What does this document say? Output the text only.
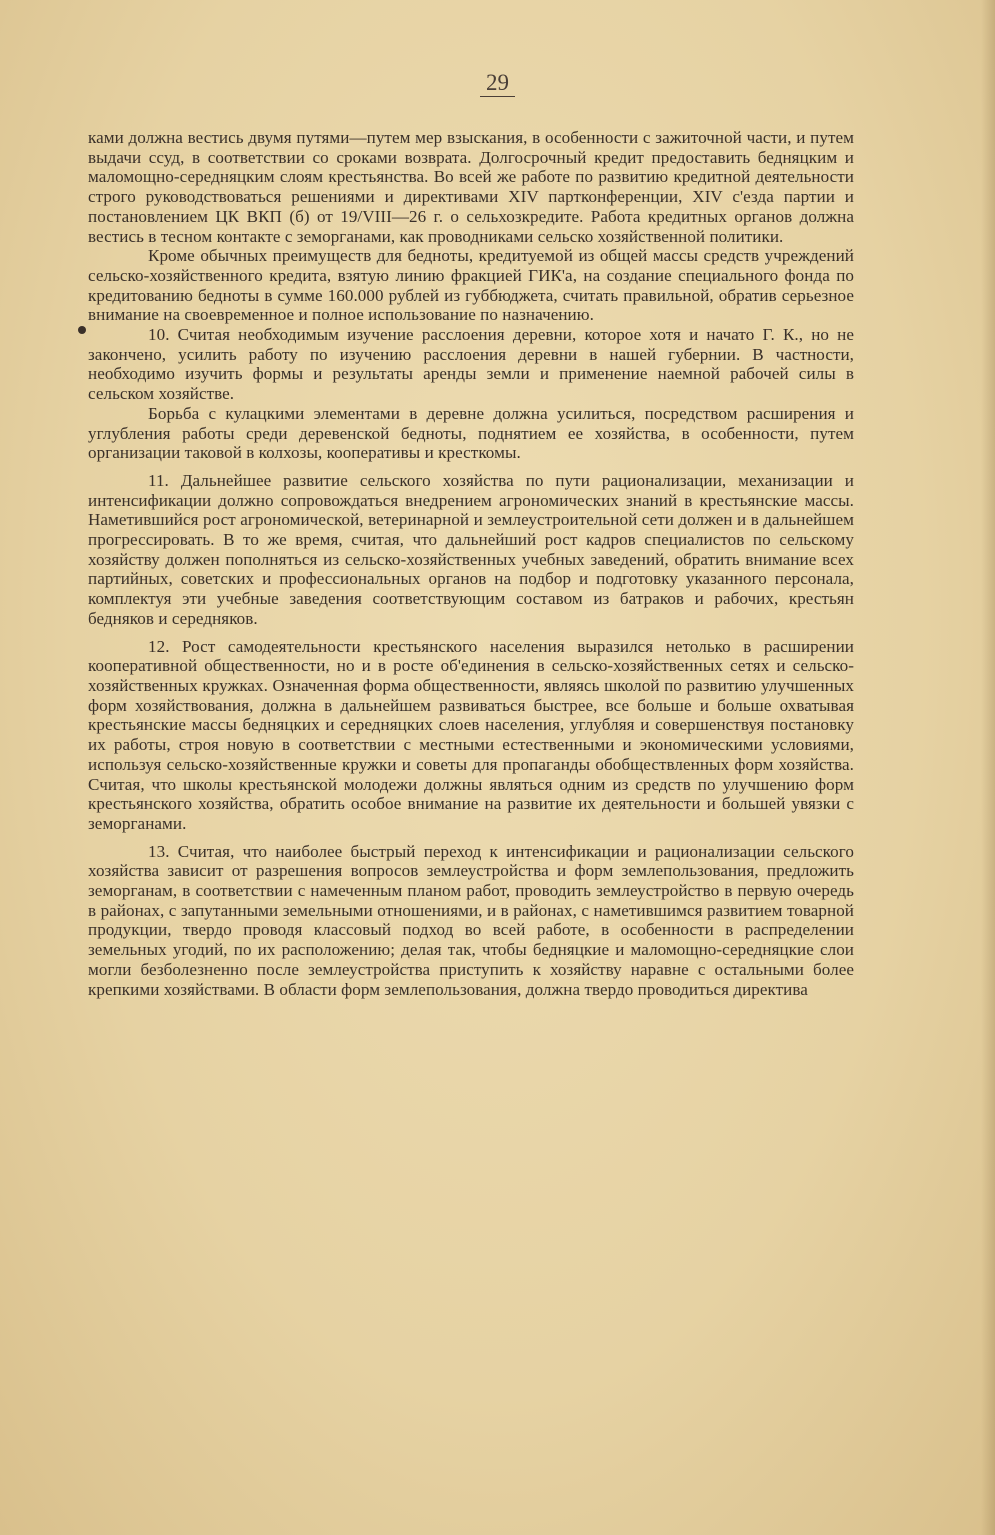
29

ками должна вестись двумя путями—путем мер взыскания, в особенности с зажиточной части, и путем выдачи ссуд, в соответствии со сроками возврата. Долгосрочный кредит предоставить бедняцким и маломощно-середняцким слоям крестьянства. Во всей же работе по развитию кредитной деятельности строго руководствоваться решениями и директивами XIV партконференции, XIV с'езда партии и постановлением ЦК ВКП (б) от 19/VIII—26 г. о сельхозкредите. Работа кредитных органов должна вестись в тесном контакте с земорганами, как проводниками сельско хозяйственной политики.

Кроме обычных преимуществ для бедноты, кредитуемой из общей массы средств учреждений сельско-хозяйственного кредита, взятую линию фракцией ГИК'а, на создание специального фонда по кредитованию бедноты в сумме 160.000 рублей из губбюджета, считать правильной, обратив серьезное внимание на своевременное и полное использование по назначению.

10. Считая необходимым изучение расслоения деревни, которое хотя и начато Г. К., но не закончено, усилить работу по изучению расслоения деревни в нашей губернии. В частности, необходимо изучить формы и результаты аренды земли и применение наемной рабочей силы в сельском хозяйстве.

Борьба с кулацкими элементами в деревне должна усилиться, посредством расширения и углубления работы среди деревенской бедноты, поднятием ее хозяйства, в особенности, путем организации таковой в колхозы, кооперативы и кресткомы.

11. Дальнейшее развитие сельского хозяйства по пути рационализации, механизации и интенсификации должно сопровождаться внедрением агрономических знаний в крестьянские массы. Наметившийся рост агрономической, ветеринарной и землеустроительной сети должен и в дальнейшем прогрессировать. В то же время, считая, что дальнейший рост кадров специалистов по сельскому хозяйству должен пополняться из сельско-хозяйственных учебных заведений, обратить внимание всех партийных, советских и профессиональных органов на подбор и подготовку указанного персонала, комплектуя эти учебные заведения соответствующим составом из батраков и рабочих, крестьян бедняков и середняков.

12. Рост самодеятельности крестьянского населения выразился нетолько в расширении кооперативной общественности, но и в росте об'единения в сельско-хозяйственных сетях и сельско-хозяйственных кружках. Означенная форма общественности, являясь школой по развитию улучшенных форм хозяйствования, должна в дальнейшем развиваться быстрее, все больше и больше охватывая крестьянские массы бедняцких и середняцких слоев населения, углубляя и совершенствуя постановку их работы, строя новую в соответствии с местными естественными и экономическими условиями, используя сельско-хозяйственные кружки и советы для пропаганды обобществленных форм хозяйства. Считая, что школы крестьянской молодежи должны являться одним из средств по улучшению форм крестьянского хозяйства, обратить особое внимание на развитие их деятельности и большей увязки с земорганами.

13. Считая, что наиболее быстрый переход к интенсификации и рационализации сельского хозяйства зависит от разрешения вопросов землеустройства и форм землепользования, предложить земорганам, в соответствии с намеченным планом работ, проводить землеустройство в первую очередь в районах, с запутанными земельными отношениями, и в районах, с наметившимся развитием товарной продукции, твердо проводя классовый подход во всей работе, в особенности в распределении земельных угодий, по их расположению; делая так, чтобы бедняцкие и маломощно-середняцкие слои могли безболезненно после землеустройства приступить к хозяйству наравне с остальными более крепкими хозяйствами. В области форм землепользования, должна твердо проводиться директива
